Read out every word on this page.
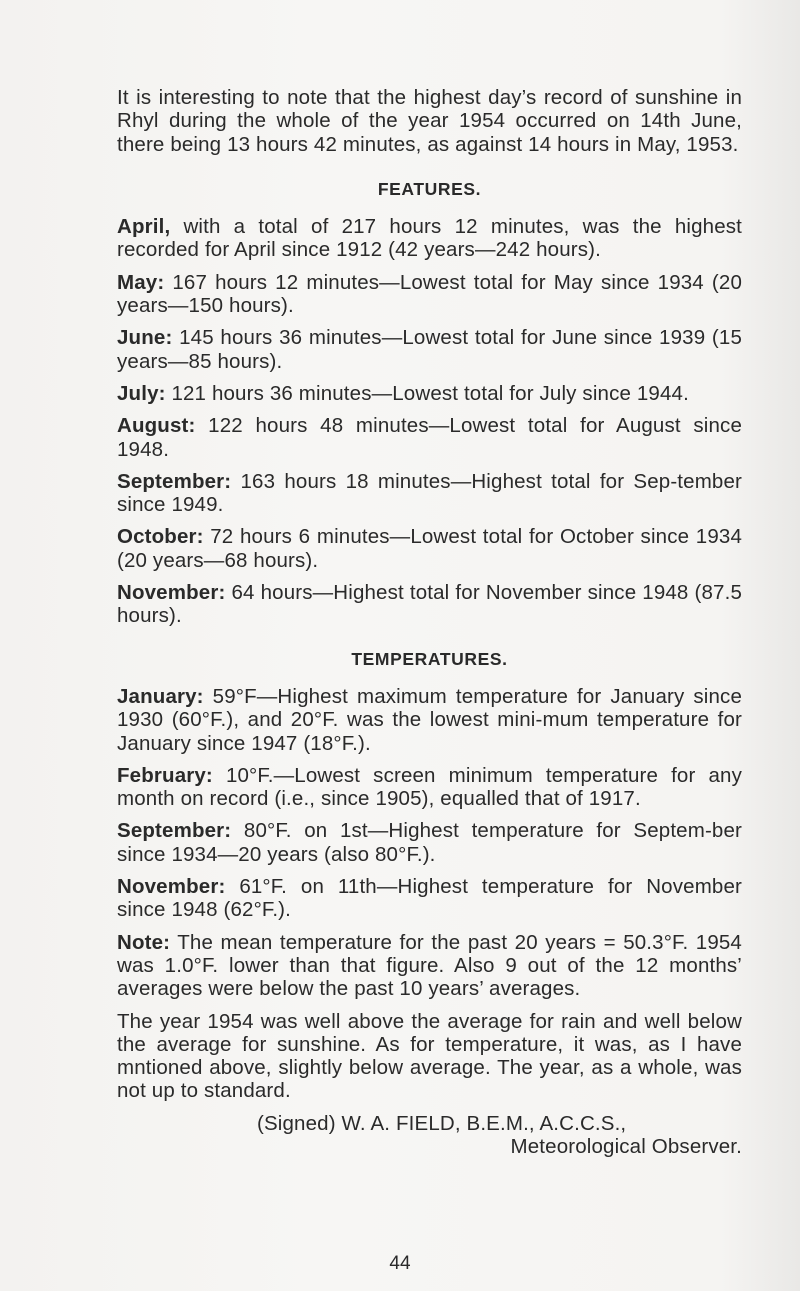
It is interesting to note that the highest day’s record of sunshine in Rhyl during the whole of the year 1954 occurred on 14th June, there being 13 hours 42 minutes, as against 14 hours in May, 1953.

FEATURES.

April, with a total of 217 hours 12 minutes, was the highest recorded for April since 1912 (42 years—242 hours).

May: 167 hours 12 minutes—Lowest total for May since 1934 (20 years—150 hours).

June: 145 hours 36 minutes—Lowest total for June since 1939 (15 years—85 hours).

July: 121 hours 36 minutes—Lowest total for July since 1944.

August: 122 hours 48 minutes—Lowest total for August since 1948.

September: 163 hours 18 minutes—Highest total for Sep-tember since 1949.

October: 72 hours 6 minutes—Lowest total for October since 1934 (20 years—68 hours).

November: 64 hours—Highest total for November since 1948 (87.5 hours).

TEMPERATURES.

January: 59°F—Highest maximum temperature for January since 1930 (60°F.), and 20°F. was the lowest mini-mum temperature for January since 1947 (18°F.).

February: 10°F.—Lowest screen minimum temperature for any month on record (i.e., since 1905), equalled that of 1917.

September: 80°F. on 1st—Highest temperature for Septem-ber since 1934—20 years (also 80°F.).

November: 61°F. on 11th—Highest temperature for November since 1948 (62°F.).

Note: The mean temperature for the past 20 years = 50.3°F. 1954 was 1.0°F. lower than that figure. Also 9 out of the 12 months’ averages were below the past 10 years’ averages.

The year 1954 was well above the average for rain and well below the average for sunshine. As for temperature, it was, as I have mntioned above, slightly below average. The year, as a whole, was not up to standard.

(Signed) W. A. FIELD, B.E.M., A.C.C.S.,

Meteorological Observer.

44
